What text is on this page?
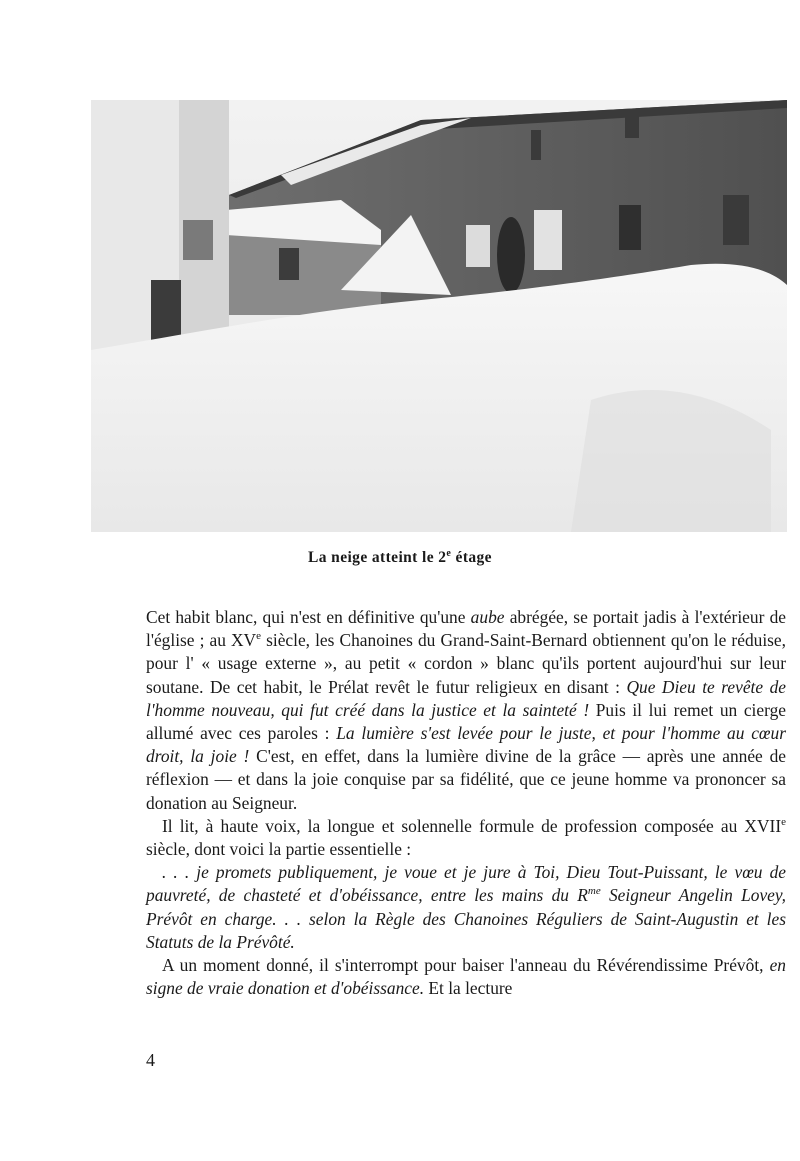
La neige atteint le 2e étage

Cet habit blanc, qui n'est en définitive qu'une aube abrégée, se portait jadis à l'extérieur de l'église ; au XVe siècle, les Chanoines du Grand-Saint-Bernard obtiennent qu'on le réduise, pour l' « usage externe », au petit « cordon » blanc qu'ils portent aujourd'hui sur leur soutane. De cet habit, le Prélat revêt le futur religieux en disant : Que Dieu te revête de l'homme nouveau, qui fut créé dans la justice et la sainteté ! Puis il lui remet un cierge allumé avec ces paroles : La lumière s'est levée pour le juste, et pour l'homme au cœur droit, la joie ! C'est, en effet, dans la lumière divine de la grâce — après une année de réflexion — et dans la joie conquise par sa fidélité, que ce jeune homme va prononcer sa donation au Seigneur.

Il lit, à haute voix, la longue et solennelle formule de profession composée au XVIIe siècle, dont voici la partie essentielle :

. . . je promets publiquement, je voue et je jure à Toi, Dieu Tout-Puissant, le vœu de pauvreté, de chasteté et d'obéissance, entre les mains du $R^{me}$ Seigneur Angelin Lovey, Prévôt en charge. . . selon la Règle des Chanoines Réguliers de Saint-Augustin et les Statuts de la Prévôté.

A un moment donné, il s'interrompt pour baiser l'anneau du Révérendissime Prévôt, en signe de vraie donation et d'obéissance. Et la lecture

4
